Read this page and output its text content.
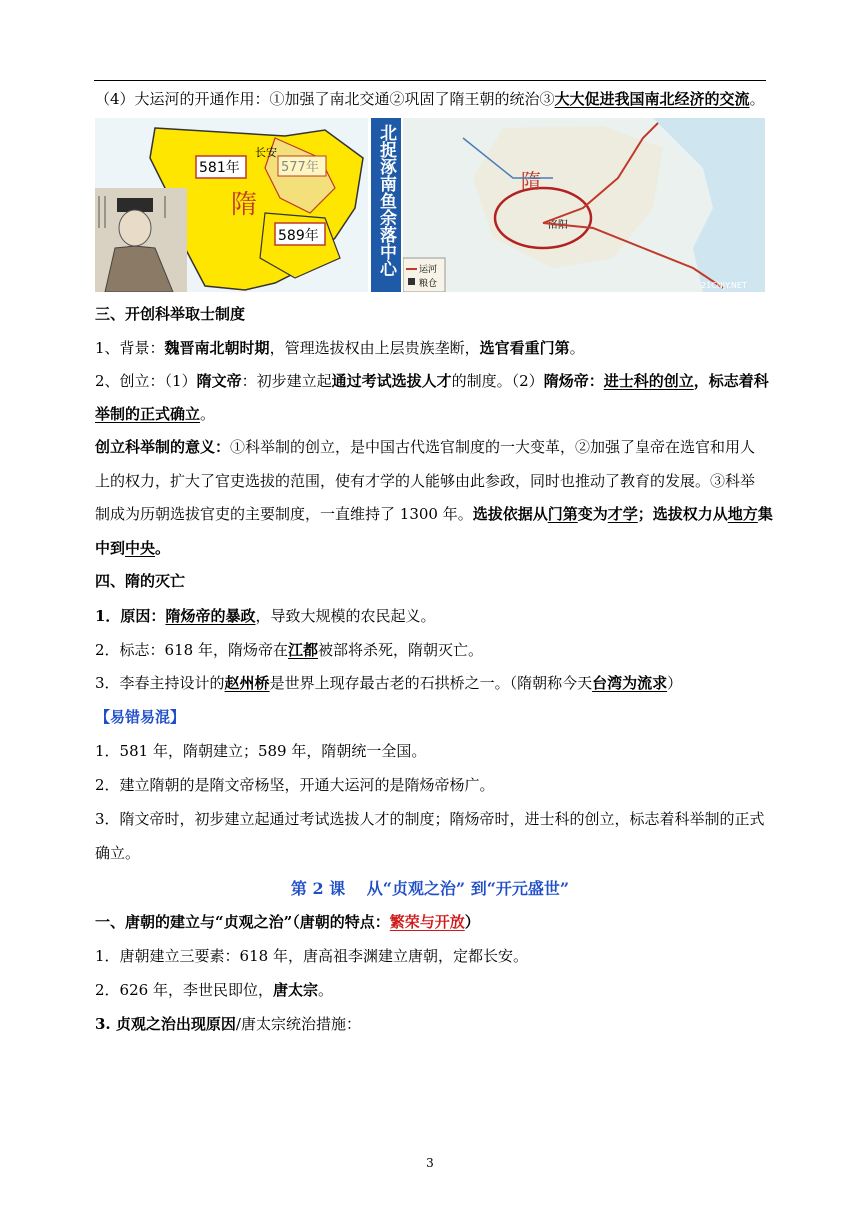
（4）大运河的开通作用：①加强了南北交通②巩固了隋王朝的统治③大大促进我国南北经济的交流。
581年	577年
隋
589年
长安	北捉涿南鱼余落中心	隋
洛阳
运河
粮仓	21CNJY.NET
三、开创科举取士制度
1、背景：魏晋南北朝时期，管理选拔权由上层贵族垄断，选官看重门第。
2、创立：（1）隋文帝：初步建立起通过考试选拔人才的制度。（2）隋炀帝：进士科的创立，标志着科
举制的正式确立。
创立科举制的意义：①科举制的创立，是中国古代选官制度的一大变革，②加强了皇帝在选官和用人
上的权力，扩大了官吏选拔的范围，使有才学的人能够由此参政，同时也推动了教育的发展。③科举
制成为历朝选拔官吏的主要制度，一直维持了 1300 年。选拔依据从门第变为才学；选拔权力从地方集
中到中央。
四、隋的灭亡
1．原因：隋炀帝的暴政，导致大规模的农民起义。
2．标志：618 年，隋炀帝在江都被部将杀死，隋朝灭亡。
3．李春主持设计的赵州桥是世界上现存最古老的石拱桥之一。（隋朝称今天台湾为流求）
【易错易混】
1．581 年，隋朝建立；589 年，隋朝统一全国。
2．建立隋朝的是隋文帝杨坚，开通大运河的是隋炀帝杨广。
3．隋文帝时，初步建立起通过考试选拔人才的制度；隋炀帝时，进士科的创立，标志着科举制的正式
确立。
第 2 课　 从“贞观之治” 到“开元盛世”
一、唐朝的建立与“贞观之治”（唐朝的特点：繁荣与开放）
1．唐朝建立三要素：618 年，唐高祖李渊建立唐朝，定都长安。
2．626 年，李世民即位，唐太宗。
3. 贞观之治出现原因/唐太宗统治措施：
3
